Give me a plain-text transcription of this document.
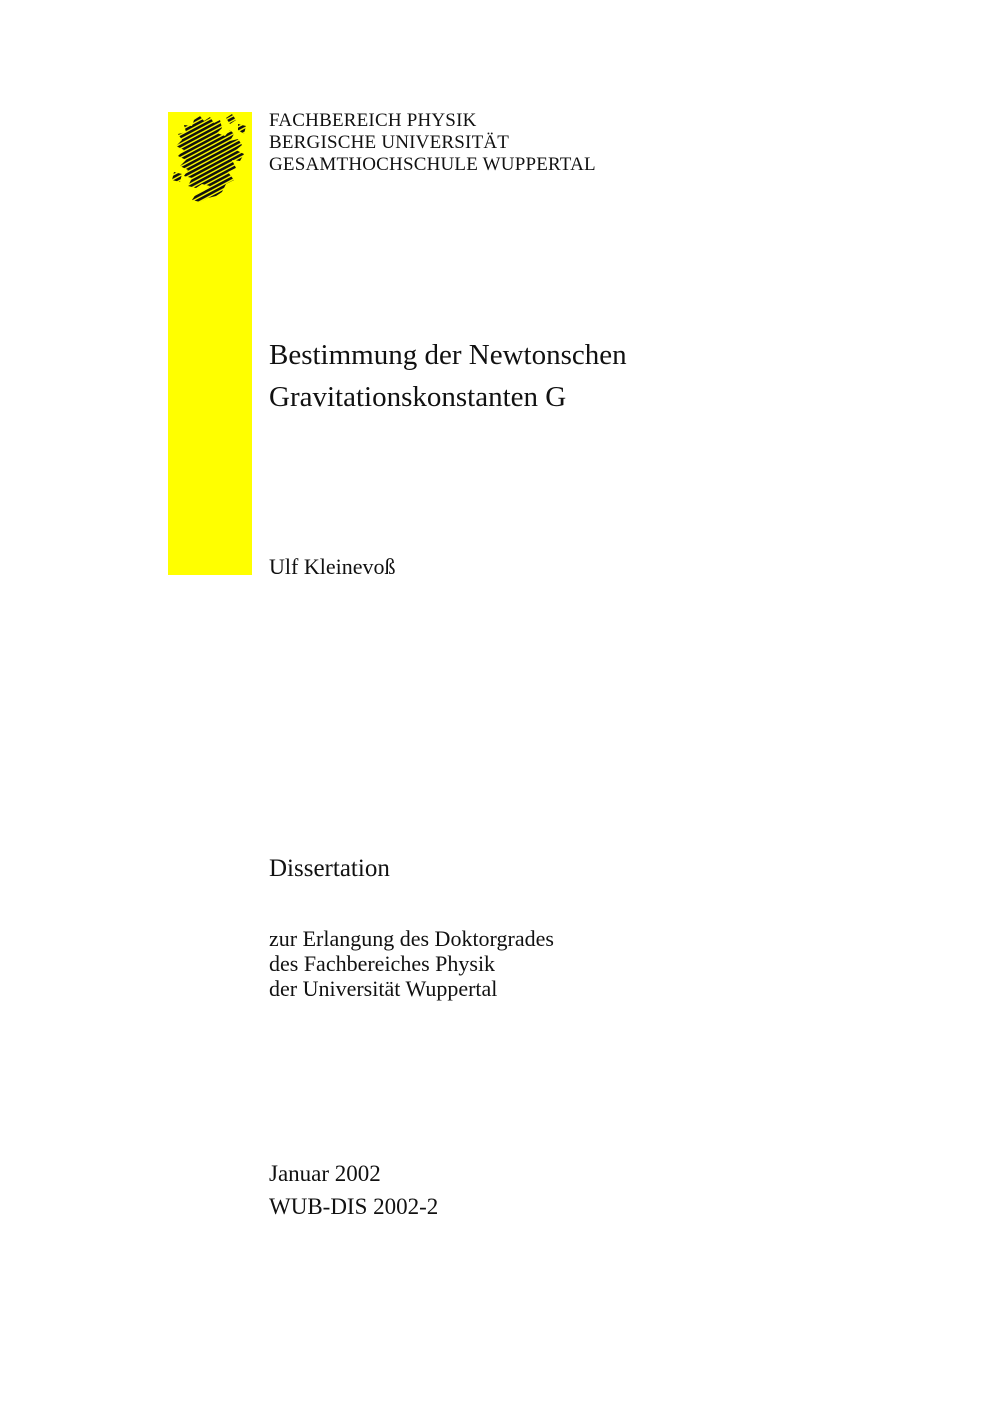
FACHBEREICH PHYSIK
BERGISCHE UNIVERSITÄT
GESAMTHOCHSCHULE WUPPERTAL
Bestimmung der Newtonschen
Gravitationskonstanten G
Ulf Kleinevoß
Dissertation
zur Erlangung des Doktorgrades
des Fachbereiches Physik
der Universität Wuppertal
Januar 2002
WUB-DIS 2002-2
